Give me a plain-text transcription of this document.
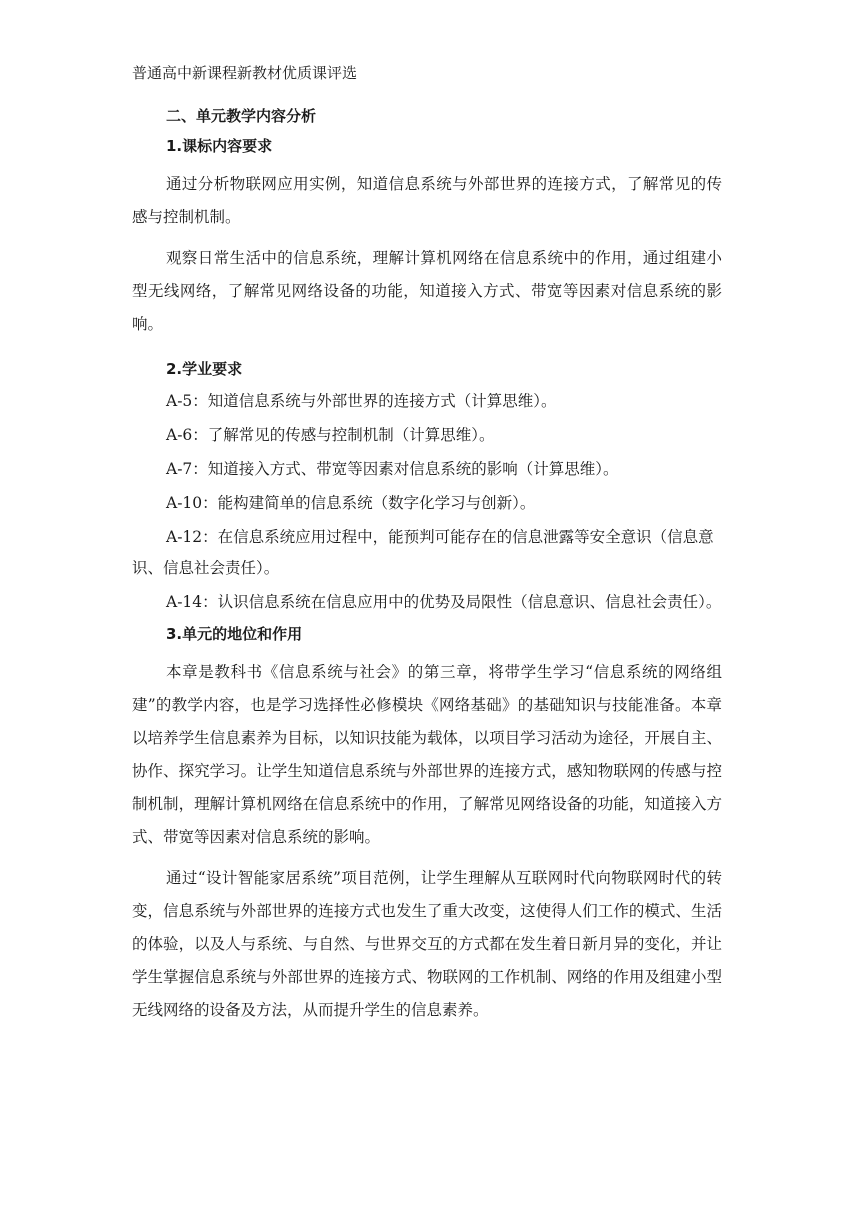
普通高中新课程新教材优质课评选
二、单元教学内容分析
1.课标内容要求

通过分析物联网应用实例，知道信息系统与外部世界的连接方式，了解常见的传感与控制机制。

观察日常生活中的信息系统，理解计算机网络在信息系统中的作用，通过组建小型无线网络，了解常见网络设备的功能，知道接入方式、带宽等因素对信息系统的影响。

2.学业要求

A-5：知道信息系统与外部世界的连接方式（计算思维）。

A-6：了解常见的传感与控制机制（计算思维）。

A-7：知道接入方式、带宽等因素对信息系统的影响（计算思维）。

A-10：能构建简单的信息系统（数字化学习与创新）。

A-12：在信息系统应用过程中，能预判可能存在的信息泄露等安全意识（信息意识、信息社会责任）。

A-14：认识信息系统在信息应用中的优势及局限性（信息意识、信息社会责任）。

3.单元的地位和作用

本章是教科书《信息系统与社会》的第三章，将带学生学习“信息系统的网络组建”的教学内容，也是学习选择性必修模块《网络基础》的基础知识与技能准备。本章以培养学生信息素养为目标，以知识技能为载体，以项目学习活动为途径，开展自主、协作、探究学习。让学生知道信息系统与外部世界的连接方式，感知物联网的传感与控制机制，理解计算机网络在信息系统中的作用，了解常见网络设备的功能，知道接入方式、带宽等因素对信息系统的影响。

通过“设计智能家居系统”项目范例，让学生理解从互联网时代向物联网时代的转变，信息系统与外部世界的连接方式也发生了重大改变，这使得人们工作的模式、生活的体验，以及人与系统、与自然、与世界交互的方式都在发生着日新月异的变化，并让学生掌握信息系统与外部世界的连接方式、物联网的工作机制、网络的作用及组建小型无线网络的设备及方法，从而提升学生的信息素养。
